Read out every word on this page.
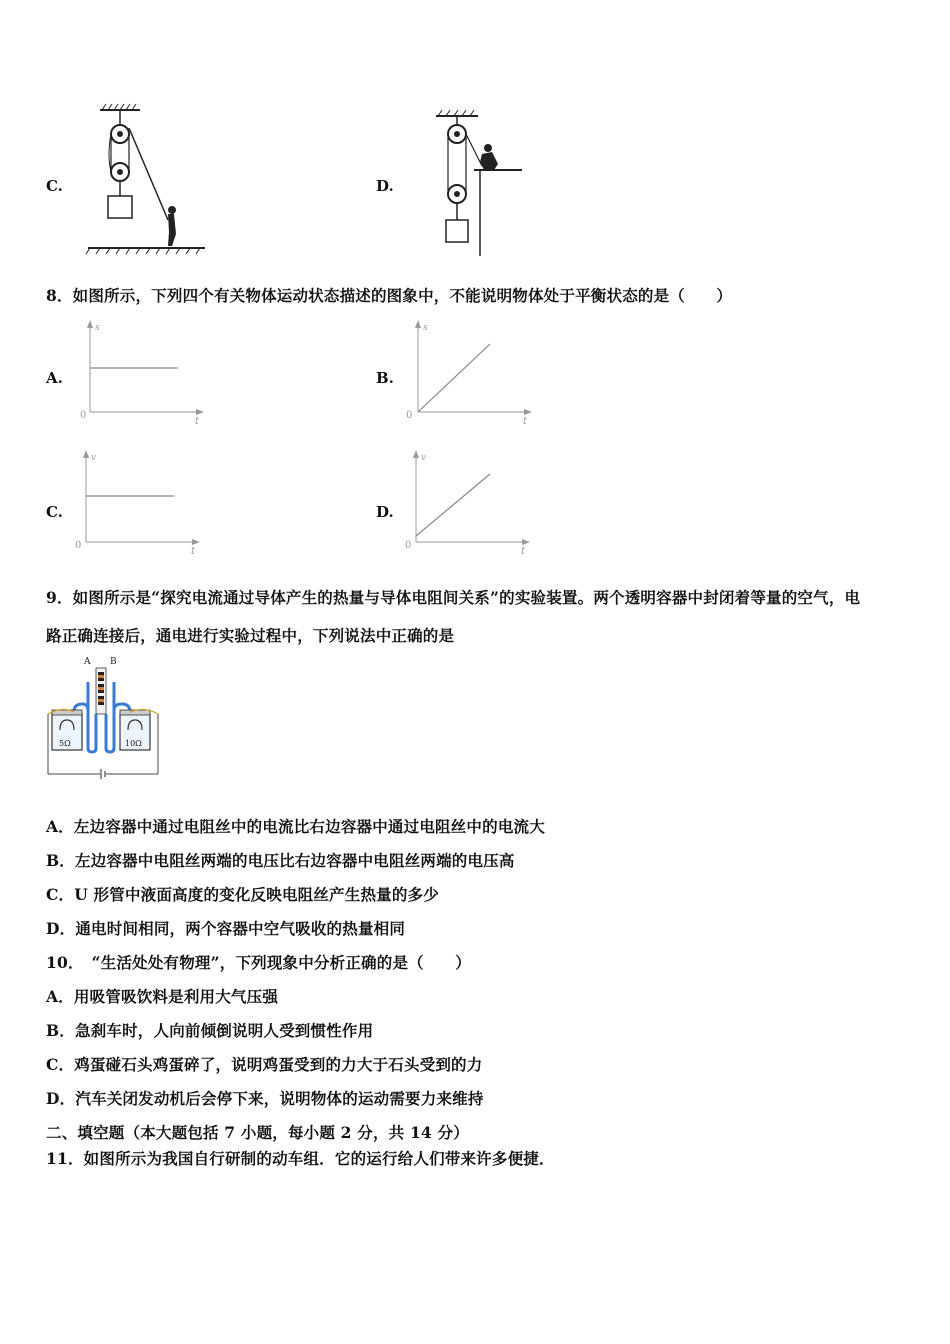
C.	D.
8．如图所示，下列四个有关物体运动状态描述的图象中，不能说明物体处于平衡状态的是（　　）
A.
s
t
0
B.
s
t
0
C.
v
t
0
D.
v
t
0
9．如图所示是“探究电流通过导体产生的热量与导体电阻间关系”的实验装置。两个透明容器中封闭着等量的空气，电
路正确连接后，通电进行实验过程中，下列说法中正确的是
A B
5Ω	10Ω
A．左边容器中通过电阻丝中的电流比右边容器中通过电阻丝中的电流大
B．左边容器中电阻丝两端的电压比右边容器中电阻丝两端的电压高
C．U 形管中液面高度的变化反映电阻丝产生热量的多少
D．通电时间相同，两个容器中空气吸收的热量相同
10．　“生活处处有物理”，下列现象中分析正确的是（　　）
A．用吸管吸饮料是利用大气压强
B．急刹车时，人向前倾倒说明人受到惯性作用
C．鸡蛋碰石头鸡蛋碎了，说明鸡蛋受到的力大于石头受到的力
D．汽车关闭发动机后会停下来，说明物体的运动需要力来维持
二、填空题（本大题包括 7 小题，每小题 2 分，共 14 分）
11．如图所示为我国自行研制的动车组．它的运行给人们带来许多便捷．
